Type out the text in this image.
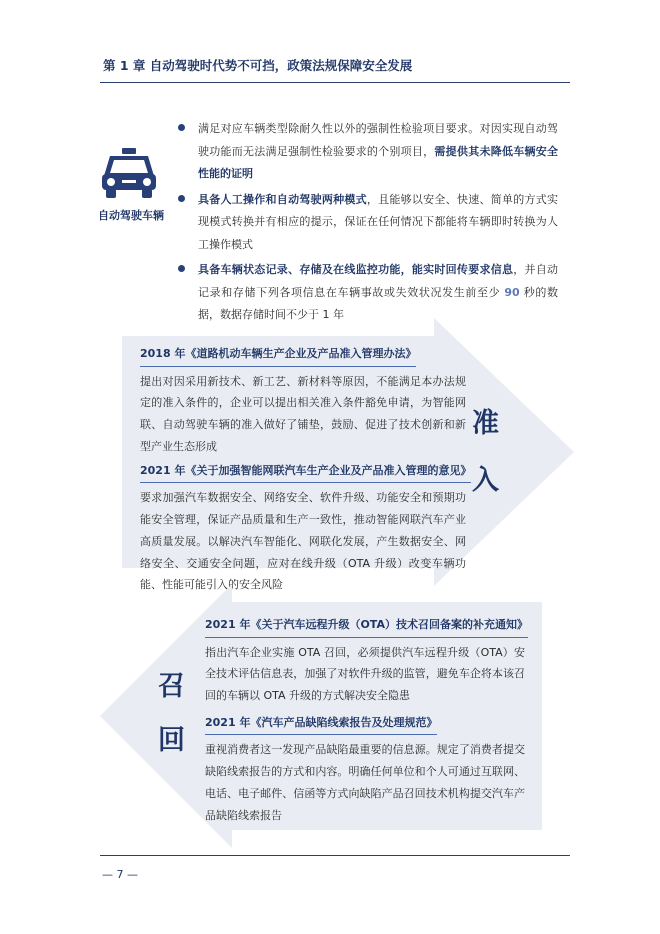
第 1 章 自动驾驶时代势不可挡，政策法规保障安全发展
自动驾驶车辆
满足对应车辆类型除耐久性以外的强制性检验项目要求。对因实现自动驾驶功能而无法满足强制性检验要求的个别项目，需提供其未降低车辆安全性能的证明
具备人工操作和自动驾驶两种模式，且能够以安全、快速、简单的方式实现模式转换并有相应的提示，保证在任何情况下都能将车辆即时转换为人工操作模式
具备车辆状态记录、存储及在线监控功能，能实时回传要求信息，并自动记录和存储下列各项信息在车辆事故或失效状况发生前至少 90 秒的数据，数据存储时间不少于 1 年
2018 年《道路机动车辆生产企业及产品准入管理办法》
提出对因采用新技术、新工艺、新材料等原因，不能满足本办法规定的准入条件的，企业可以提出相关准入条件豁免申请，为智能网联、自动驾驶车辆的准入做好了铺垫，鼓励、促进了技术创新和新型产业生态形成
2021 年《关于加强智能网联汽车生产企业及产品准入管理的意见》
要求加强汽车数据安全、网络安全、软件升级、功能安全和预期功能安全管理，保证产品质量和生产一致性，推动智能网联汽车产业高质量发展。以解决汽车智能化、网联化发展，产生数据安全、网络安全、交通安全问题，应对在线升级（OTA 升级）改变车辆功能、性能可能引入的安全风险
准
入
2021 年《关于汽车远程升级（OTA）技术召回备案的补充通知》
指出汽车企业实施 OTA 召回，必须提供汽车远程升级（OTA）安全技术评估信息表，加强了对软件升级的监管，避免车企将本该召回的车辆以 OTA 升级的方式解决安全隐患
2021 年《汽车产品缺陷线索报告及处理规范》
重视消费者这一发现产品缺陷最重要的信息源。规定了消费者提交缺陷线索报告的方式和内容。明确任何单位和个人可通过互联网、电话、电子邮件、信函等方式向缺陷产品召回技术机构提交汽车产品缺陷线索报告
召
回
— 7 —
